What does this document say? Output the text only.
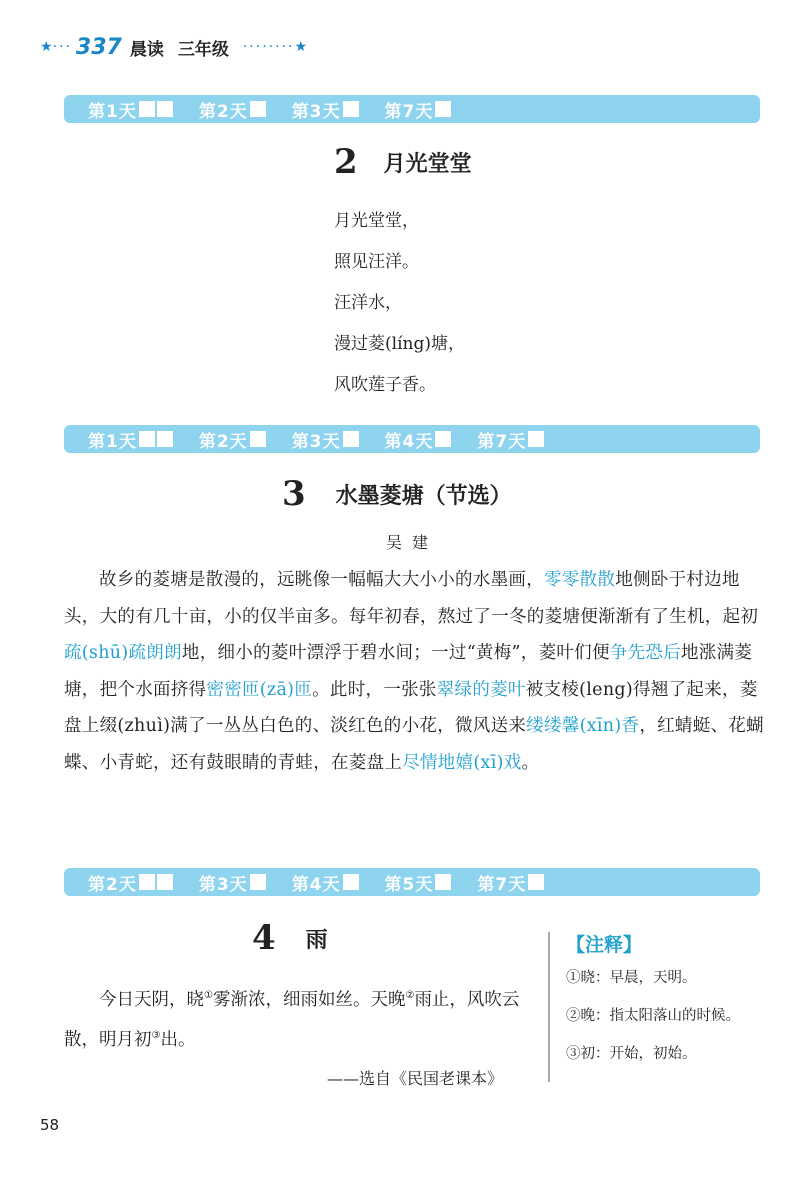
★ ··· 337 晨读 三年级 ········ ★
第1天	第2天	第3天	第7天
2 月光堂堂
月光堂堂，
照见汪洋。
汪洋水，
漫过菱(líng)塘，
风吹莲子香。
第1天	第2天	第3天	第4天	第7天
3 水墨菱塘（节选）
吴建

故乡的菱塘是散漫的，远眺像一幅幅大大小小的水墨画，零零散散地侧卧于村边地头，大的有几十亩，小的仅半亩多。每年初春，熬过了一冬的菱塘便渐渐有了生机，起初疏(shū)疏朗朗地，细小的菱叶漂浮于碧水间；一过“黄梅”，菱叶们便争先恐后地涨满菱塘，把个水面挤得密密匝(zā)匝。此时，一张张翠绿的菱叶被支棱(leng)得翘了起来，菱盘上缀(zhuì)满了一丛丛白色的、淡红色的小花，微风送来缕缕馨(xīn)香，红蜻蜓、花蝴蝶、小青蛇，还有鼓眼睛的青蛙，在菱盘上尽情地嬉(xī)戏。

第2天	第3天	第4天	第5天	第7天
4 雨

今日天阴，晓①雾渐浓，细雨如丝。天晚②雨止，风吹云散，明月初③出。

——选自《民国老课本》
【注释】
①晓：早晨，天明。
②晚：指太阳落山的时候。
③初：开始，初始。
58
